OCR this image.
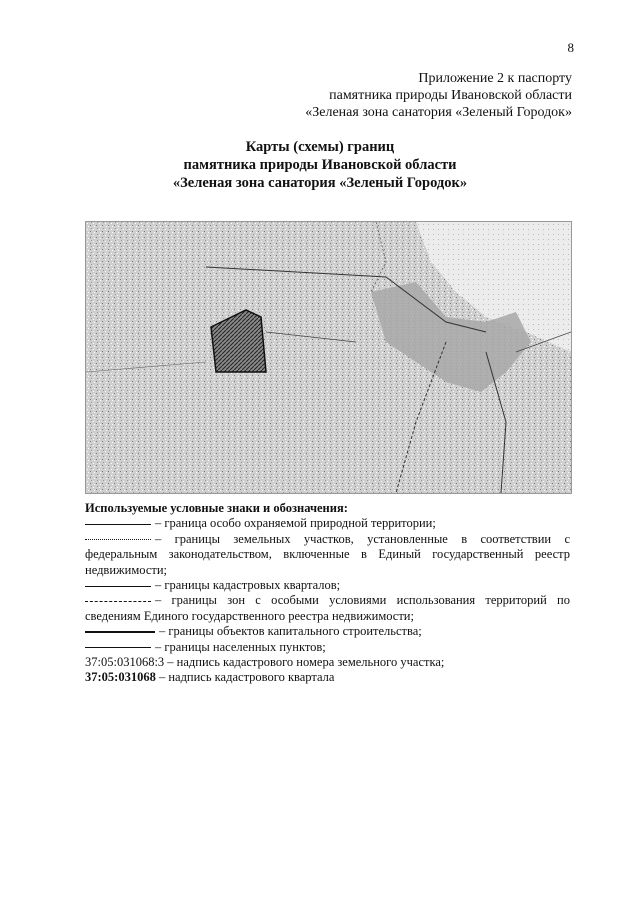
8
Приложение 2 к паспорту
памятника природы Ивановской области
«Зеленая зона санатория «Зеленый Городок»
Карты (схемы) границ
памятника природы Ивановской области
«Зеленая зона санатория «Зеленый Городок»
Используемые условные знаки и обозначения:
– граница особо охраняемой природной территории;
– границы земельных участков, установленные в соответствии с федеральным законодательством, включенные в Единый государственный реестр недвижимости;
– границы кадастровых кварталов;
– границы зон с особыми условиями использования территорий по сведениям Единого государственного реестра недвижимости;
– границы объектов капитального строительства;
– границы населенных пунктов;
37:05:031068:3 – надпись кадастрового номера земельного участка;
37:05:031068 – надпись кадастрового квартала
